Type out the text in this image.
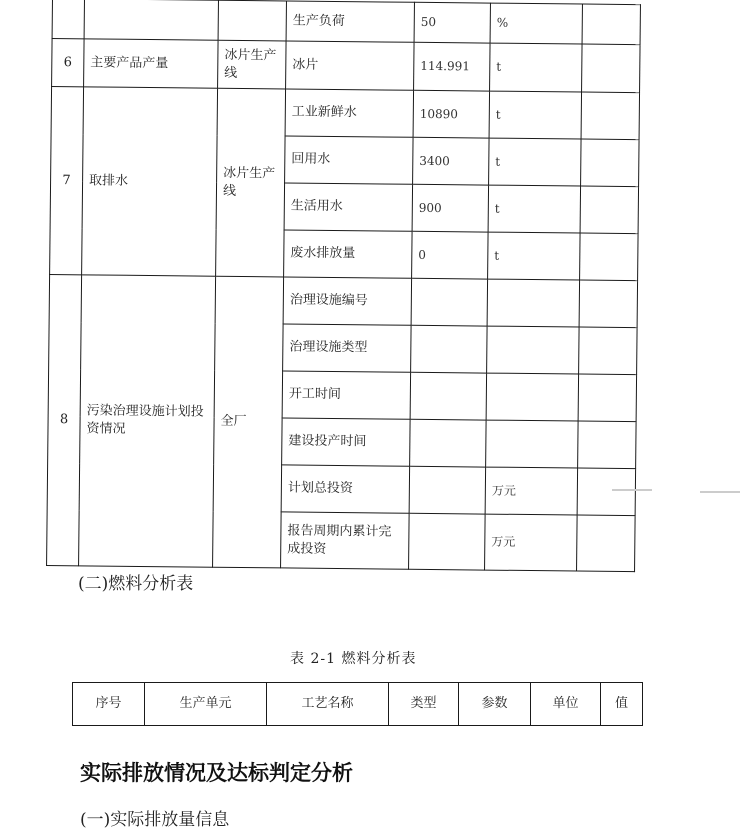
			生产负荷	50	%	
6	主要产品产量	冰片生产线	冰片	114.991	t	
7	取排水	冰片生产线	工业新鲜水	10890	t	
			回用水	3400	t	
			生活用水	900	t	
			废水排放量	0	t	
8	污染治理设施计划投资情况	全厂	治理设施编号			
			治理设施类型			
			开工时间			
			建设投产时间			
			计划总投资		万元	
			报告周期内累计完成投资		万元	
(二)燃料分析表
表 2-1 燃料分析表
序号	生产单元	工艺名称	类型	参数	单位	值
实际排放情况及达标判定分析
(一)实际排放量信息
